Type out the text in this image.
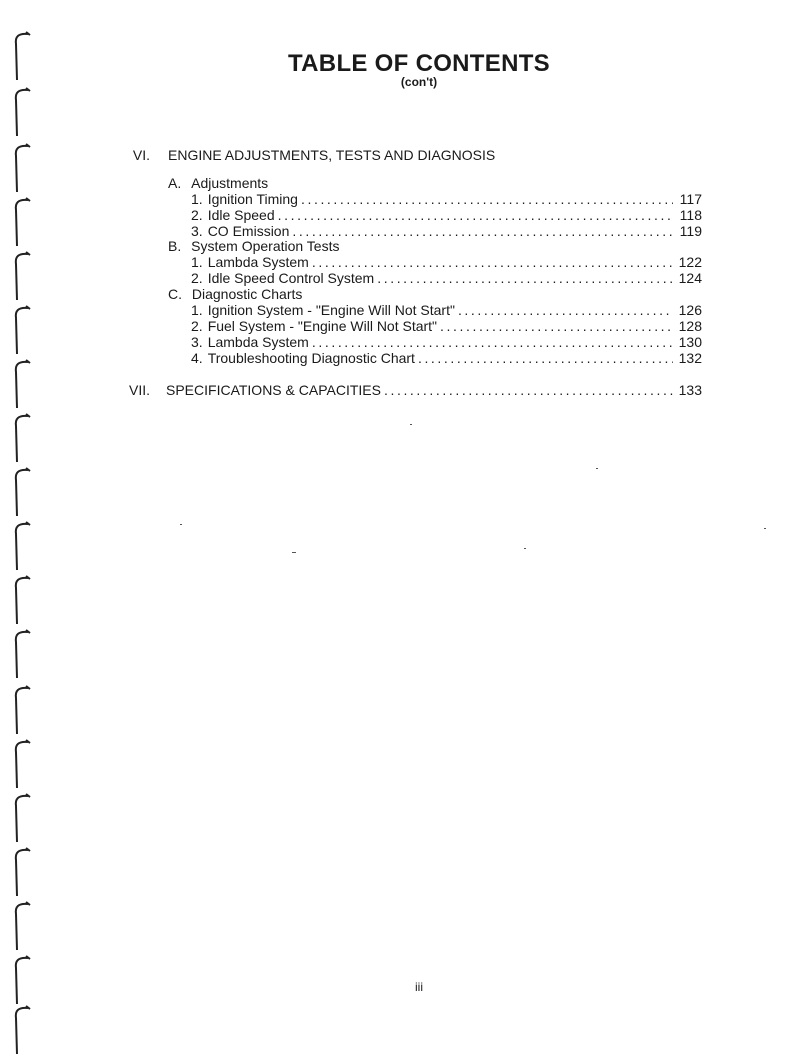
TABLE OF CONTENTS
(con't)
VI. ENGINE ADJUSTMENTS, TESTS AND DIAGNOSIS
A. Adjustments
1. Ignition Timing .....	117
2. Idle Speed .....	118
3. CO Emission .....	119
B. System Operation Tests
1. Lambda System .....	122
2. Idle Speed Control System .....	124
C. Diagnostic Charts
1. Ignition System - "Engine Will Not Start" .....	126
2. Fuel System - "Engine Will Not Start" .....	128
3. Lambda System .....	130
4. Troubleshooting Diagnostic Chart .....	132
VII.	SPECIFICATIONS & CAPACITIES .....	133
iii
